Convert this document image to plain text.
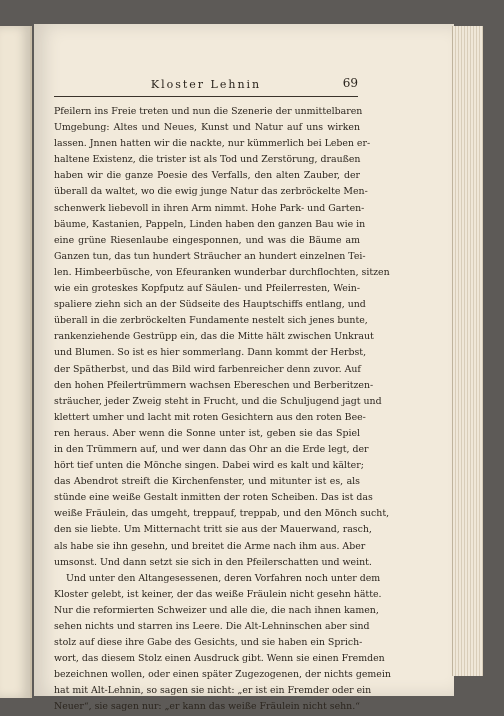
Kloster Lehnin	69
Pfeilern ins Freie treten und nun die Szenerie der unmittelbaren
Umgebung: Altes und Neues, Kunst und Natur auf uns wirken
lassen. Jnnen hatten wir die nackte, nur kümmerlich bei Leben er-
haltene Existenz, die trister ist als Tod und Zerstörung, draußen
haben wir die ganze Poesie des Verfalls, den alten Zauber, der
überall da waltet, wo die ewig junge Natur das zerbröckelte Men-
schenwerk liebevoll in ihren Arm nimmt. Hohe Park- und Garten-
bäume, Kastanien, Pappeln, Linden haben den ganzen Bau wie in
eine grüne Riesenlaube eingesponnen, und was die Bäume am
Ganzen tun, das tun hundert Sträucher an hundert einzelnen Tei-
len. Himbeerbüsche, von Efeuranken wunderbar durchflochten, sitzen
wie ein groteskes Kopfputz auf Säulen- und Pfeilerresten, Wein-
spaliere ziehn sich an der Südseite des Hauptschiffs entlang, und
überall in die zerbröckelten Fundamente nestelt sich jenes bunte,
rankenziehende Gestrüpp ein, das die Mitte hält zwischen Unkraut
und Blumen. So ist es hier sommerlang. Dann kommt der Herbst,
der Spätherbst, und das Bild wird farbenreicher denn zuvor. Auf
den hohen Pfeilertrümmern wachsen Ebereschen und Berberitzen-
sträucher, jeder Zweig steht in Frucht, und die Schuljugend jagt und
klettert umher und lacht mit roten Gesichtern aus den roten Bee-
ren heraus. Aber wenn die Sonne unter ist, geben sie das Spiel
in den Trümmern auf, und wer dann das Ohr an die Erde legt, der
hört tief unten die Mönche singen. Dabei wird es kalt und kälter;
das Abendrot streift die Kirchenfenster, und mitunter ist es, als
stünde eine weiße Gestalt inmitten der roten Scheiben. Das ist das
weiße Fräulein, das umgeht, treppauf, treppab, und den Mönch sucht,
den sie liebte. Um Mitternacht tritt sie aus der Mauerwand, rasch,
als habe sie ihn gesehn, und breitet die Arme nach ihm aus. Aber
umsonst. Und dann setzt sie sich in den Pfeilerschatten und weint.
Und unter den Altangesessenen, deren Vorfahren noch unter dem
Kloster gelebt, ist keiner, der das weiße Fräulein nicht gesehn hätte.
Nur die reformierten Schweizer und alle die, die nach ihnen kamen,
sehen nichts und starren ins Leere. Die Alt-Lehninschen aber sind
stolz auf diese ihre Gabe des Gesichts, und sie haben ein Sprich-
wort, das diesem Stolz einen Ausdruck gibt. Wenn sie einen Fremden
bezeichnen wollen, oder einen später Zugezogenen, der nichts gemein
hat mit Alt-Lehnin, so sagen sie nicht: „er ist ein Fremder oder ein
Neuer“, sie sagen nur: „er kann das weiße Fräulein nicht sehn.“
